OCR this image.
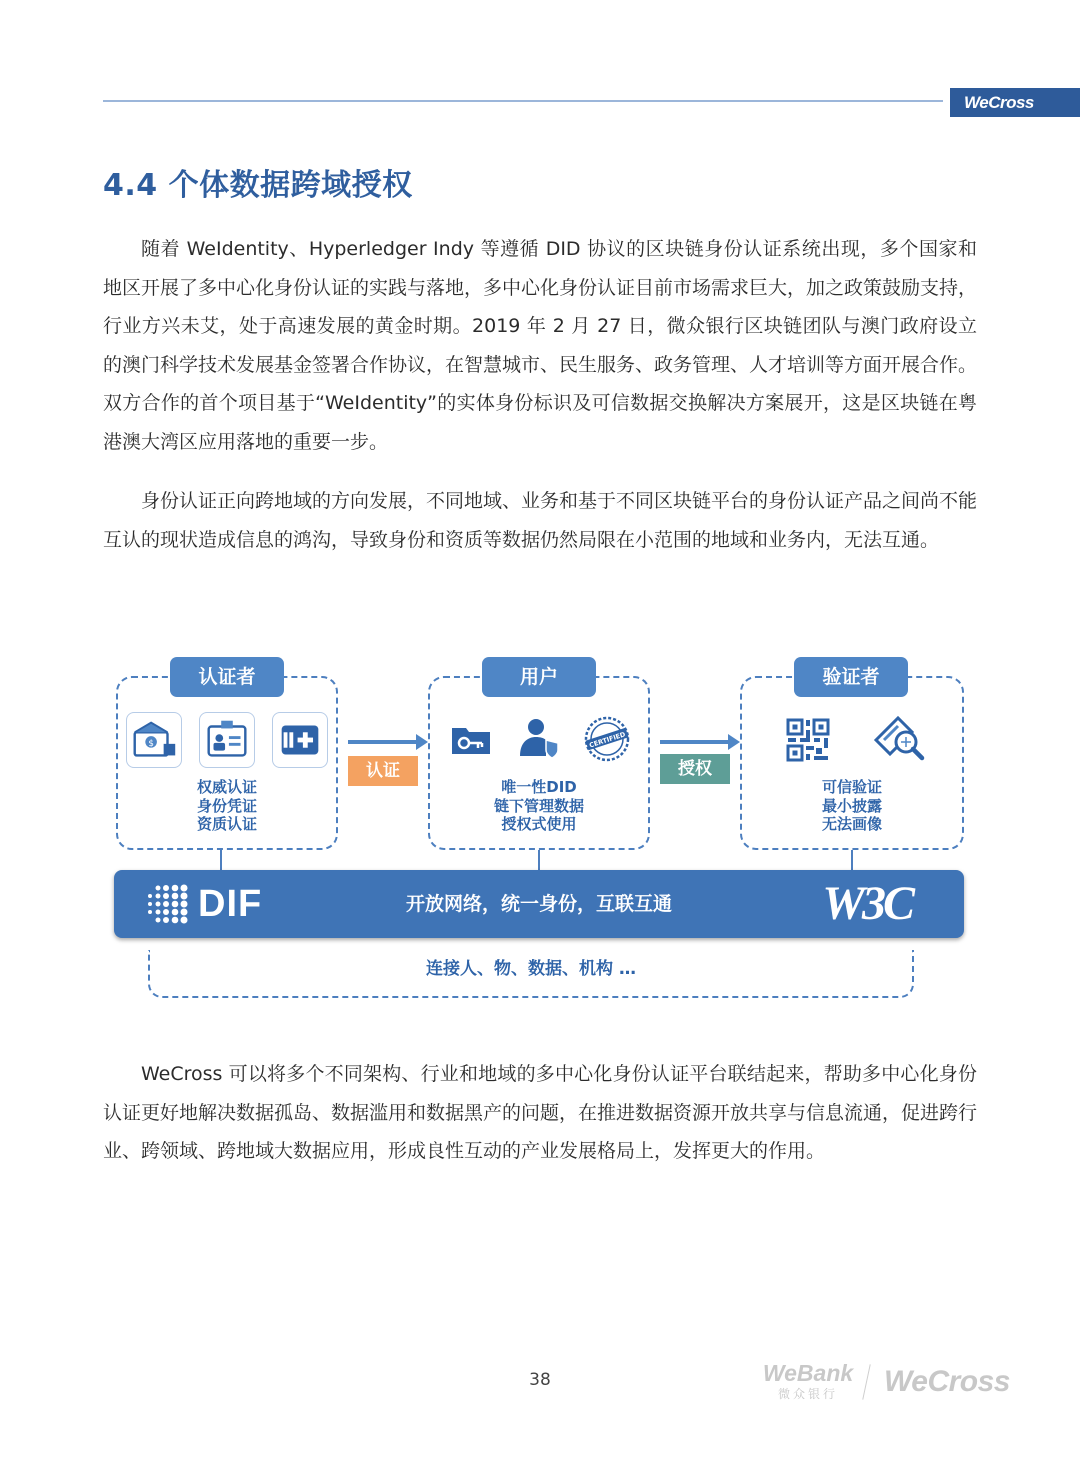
WeCross
4.4 个体数据跨域授权

随着 WeIdentity、Hyperledger Indy 等遵循 DID 协议的区块链身份认证系统出现，多个国家和地区开展了多中心化身份认证的实践与落地，多中心化身份认证目前市场需求巨大，加之政策鼓励支持，行业方兴未艾，处于高速发展的黄金时期。2019 年 2 月 27 日，微众银行区块链团队与澳门政府设立的澳门科学技术发展基金签署合作协议，在智慧城市、民生服务、政务管理、人才培训等方面开展合作。双方合作的首个项目基于“WeIdentity”的实体身份标识及可信数据交换解决方案展开，这是区块链在粤港澳大湾区应用落地的重要一步。

身份认证正向跨地域的方向发展，不同地域、业务和基于不同区块链平台的身份认证产品之间尚不能互认的现状造成信息的鸿沟，导致身份和资质等数据仍然局限在小范围的地域和业务内，无法互通。

认证者
$
权威认证
身份凭证
资质认证
认证
用户
CERTIFIED
唯一性DID
链下管理数据
授权式使用
授权
验证者
可信验证
最小披露
无法画像
DIF	开放网络，统一身份，互联互通	W3C
连接人、物、数据、机构 …

WeCross 可以将多个不同架构、行业和地域的多中心化身份认证平台联结起来，帮助多中心化身份认证更好地解决数据孤岛、数据滥用和数据黑产的问题，在推进数据资源开放共享与信息流通，促进跨行业、跨领域、跨地域大数据应用，形成良性互动的产业发展格局上，发挥更大的作用。

38	WeBank
微众银行	WeCross
